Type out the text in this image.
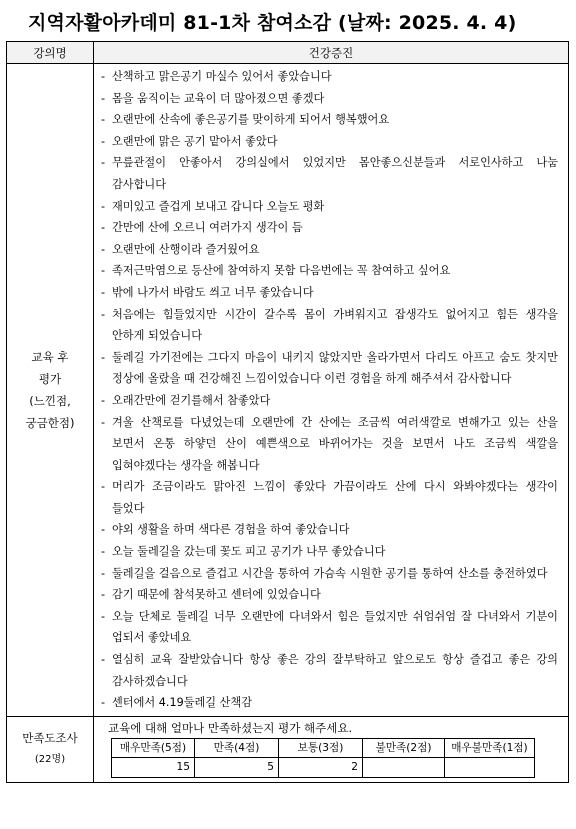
지역자활아카데미 81-1차 참여소감 (날짜: 2025. 4. 4)
강의명	건강증진

교육 후
평가
(느낀점,
궁금한점)

- 산책하고 맑은공기 마실수 있어서 좋았습니다
- 몸을 움직이는 교육이 더 많아졌으면 좋겠다
- 오랜만에 산속에 좋은공기를 맞이하게 되어서 행복했어요
- 오랜만에 맑은 공기 맡아서 좋았다
- 무릎관절이 안좋아서 강의실에서 있었지만 몸안좋으신분들과 서로인사하고 나눔 감사합니다
- 재미있고 즐겁게 보내고 갑니다 오늘도 평화
- 간만에 산에 오르니 여러가지 생각이 듬
- 오랜만에 산행이라 즐거웠어요
- 족저근막염으로 등산에 참여하지 못함 다음번에는 꼭 참여하고 싶어요
- 밖에 나가서 바람도 씌고 너무 좋았습니다
- 처음에는 힘들었지만 시간이 갈수록 몸이 가벼워지고 잡생각도 없어지고 힘든 생각을 안하게 되었습니다
- 둘레길 가기전에는 그다지 마음이 내키지 않았지만 올라가면서 다리도 아프고 숨도 찻지만 정상에 올랐을 때 건강해진 느낌이었습니다 이런 경험을 하게 해주셔서 감사합니다
- 오래간만에 걷기를해서 참좋았다
- 겨울 산책로를 다녔었는데 오랜만에 간 산에는 조금씩 여러색깔로 변해가고 있는 산을 보면서 온통 하얗던 산이 예쁜색으로 바뀌어가는 것을 보면서 나도 조금씩 색깔을 입혀야겠다는 생각을 해봅니다
- 머리가 조금이라도 맑아진 느낌이 좋았다 가끔이라도 산에 다시 와봐야겠다는 생각이 들었다
- 야외 생활을 하며 색다른 경험을 하여 좋았습니다
- 오늘 둘레길을 갔는데 꽃도 피고 공기가 나무 좋았습니다
- 둘레길을 걸음으로 즐겁고 시간을 통하여 가슴속 시원한 공기를 통하여 산소를 충전하였다
- 감기 때문에 참석못하고 센터에 있었습니다
- 오늘 단체로 둘레길 너무 오랜만에 다녀와서 힘은 들었지만 쉬엄쉬엄 잘 다녀와서 기분이 업되서 좋았네요
- 열심히 교육 잘받았습니다 항상 좋은 강의 잘부탁하고 앞으로도 항상 즐겁고 좋은 강의 감사하겠습니다
- 센터에서 4.19둘레길 산책감

만족도조사
(22명)

교육에 대해 얼마나 만족하셨는지 평가 해주세요.
매우만족(5점)	만족(4점)	보통(3점)	불만족(2점)	매우불만족(1점)
15	5	2		
